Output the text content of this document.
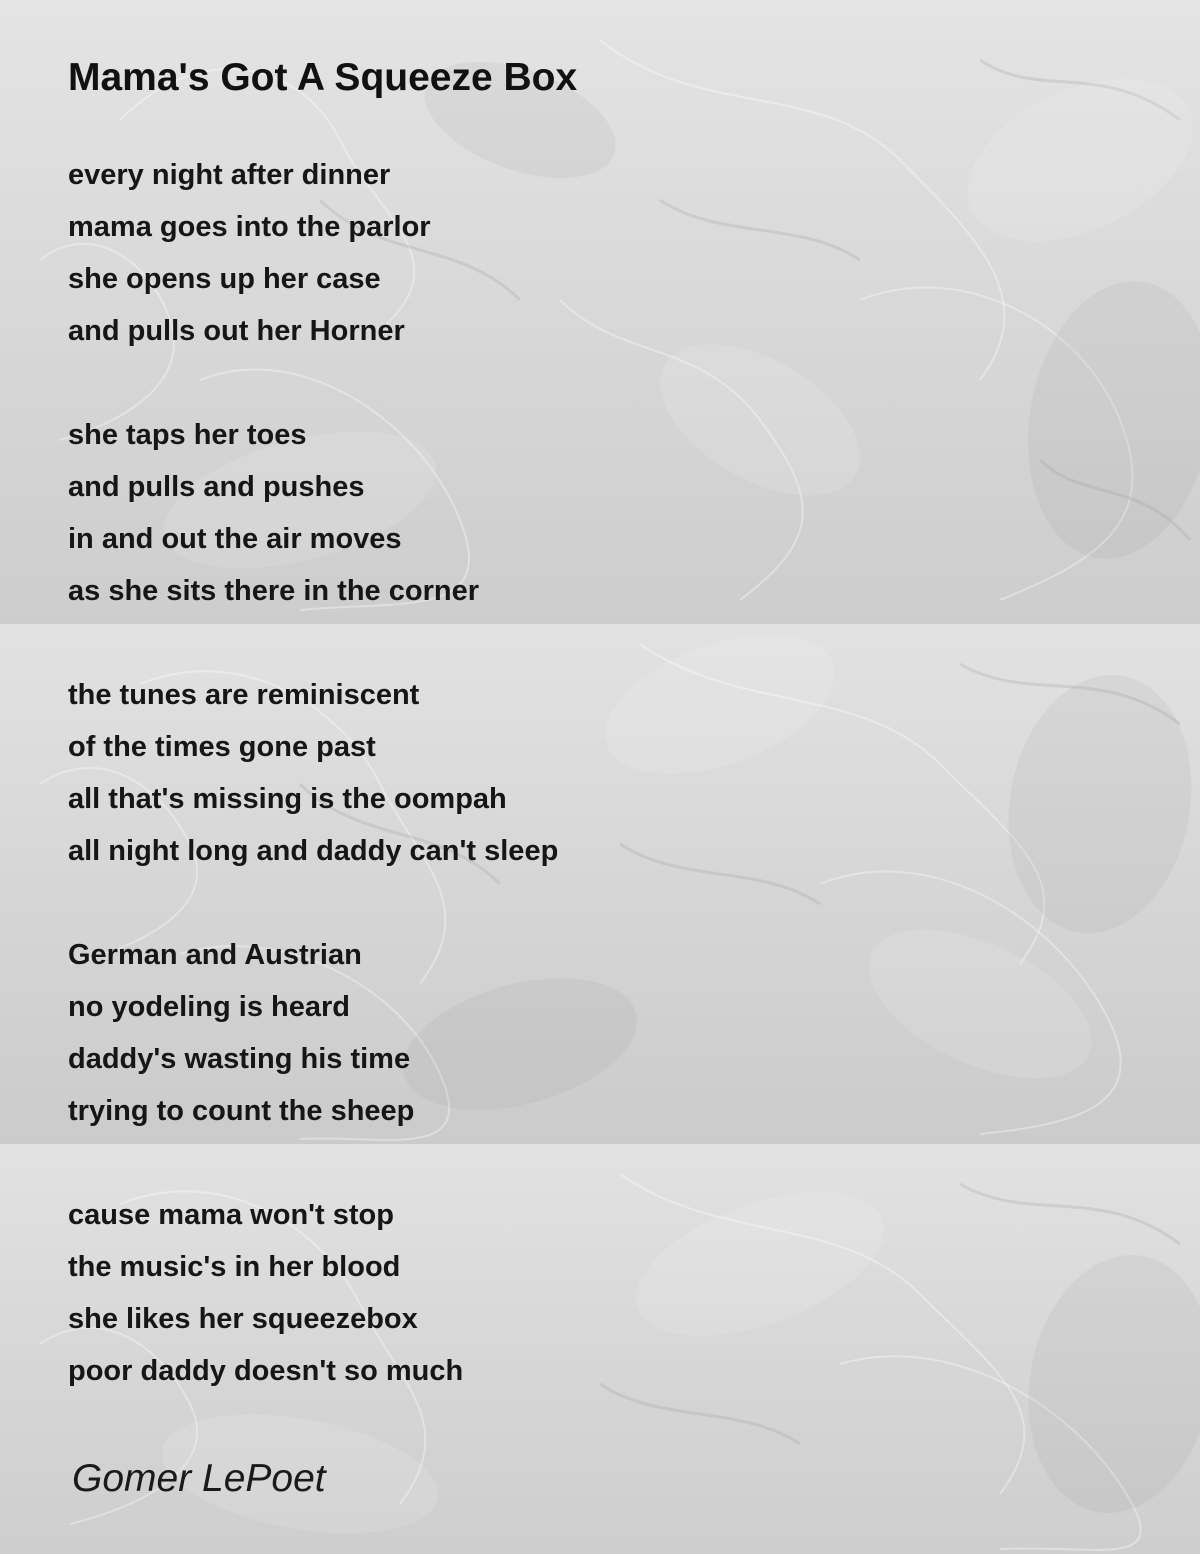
Mama's Got A Squeeze Box
every night after dinner
mama goes into the parlor
she opens up her case
and pulls out her Horner
she taps her toes
and pulls and pushes
in and out the air moves
as she sits there in the corner
the tunes are reminiscent
of the times gone past
all that's missing is the oompah
all night long and daddy can't sleep
German and Austrian
no yodeling is heard
daddy's wasting his time
trying to count the sheep
cause mama won't stop
the music's in her blood
she likes her squeezebox
poor daddy doesn't so much
Gomer LePoet
